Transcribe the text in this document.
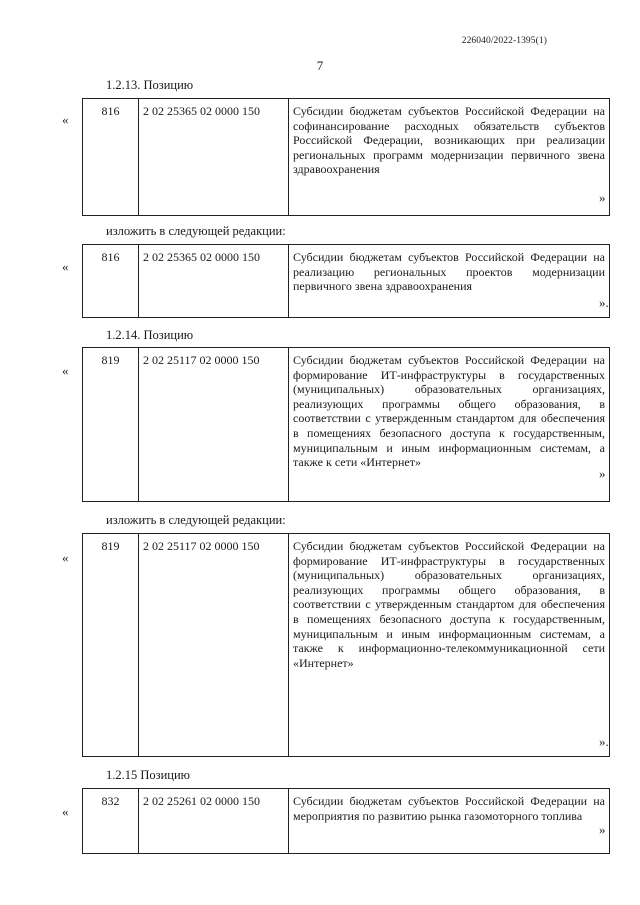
226040/2022-1395(1)
7
1.2.13. Позицию
«
816	2 02 25365 02 0000 150	Субсидии бюджетам субъектов Российской Федерации на софинансирование расходных обязательств субъектов Российской Федерации, возникающих при реализации региональных программ модернизации первичного звена здравоохранения
»
изложить в следующей редакции:
«
816	2 02 25365 02 0000 150	Субсидии бюджетам субъектов Российской Федерации на реализацию региональных проектов модернизации первичного звена здравоохранения
».
1.2.14. Позицию
«
819	2 02 25117 02 0000 150	Субсидии бюджетам субъектов Российской Федерации на формирование ИТ-инфраструктуры в государственных (муниципальных) образовательных организациях, реализующих программы общего образования, в соответствии с утвержденным стандартом для обеспечения в помещениях безопасного доступа к государственным, муниципальным и иным информационным системам, а также к сети «Интернет»
»
изложить в следующей редакции:
«
819	2 02 25117 02 0000 150	Субсидии бюджетам субъектов Российской Федерации на формирование ИТ-инфраструктуры в государственных (муниципальных) образовательных организациях, реализующих программы общего образования, в соответствии с утвержденным стандартом для обеспечения в помещениях безопасного доступа к государственным, муниципальным и иным информационным системам, а также к информационно-телекоммуникационной сети «Интернет»
».
1.2.15 Позицию
«
832	2 02 25261 02 0000 150	Субсидии бюджетам субъектов Российской Федерации на мероприятия по развитию рынка газомоторного топлива
»
